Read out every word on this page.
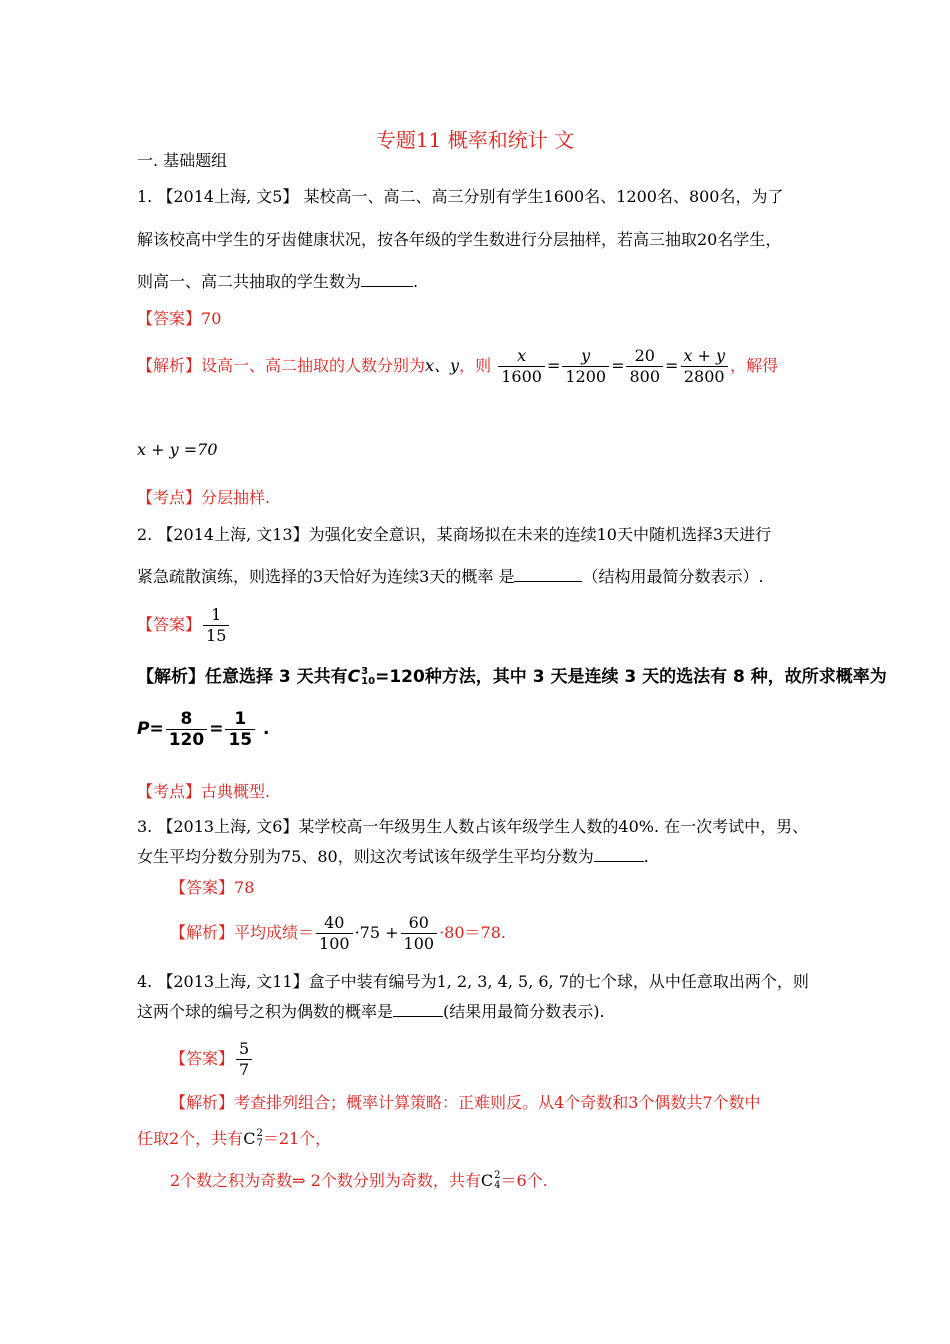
专题11 概率和统计 文
一. 基础题组
1. 【2014上海, 文5】 某校高一、高二、高三分别有学生1600名、1200名、800名，为了
解该校高中学生的牙齿健康状况，按各年级的学生数进行分层抽样，若高三抽取20名学生，
则高一、高二共抽取的学生数为	.
【答案】70
【解析】设高一、高二抽取的人数分别为x、y，则 $\frac{x}{1600} = \frac{y}{1200} = \frac{20}{800} = \frac{x + y}{2800}$ ，解得
x + y =70
【考点】分层抽样.
2. 【2014上海, 文13】为强化安全意识，某商场拟在未来的连续10天中随机选择3天进行
紧急疏散演练，则选择的3天恰好为连续3天的概率 是	（结构用最简分数表示）.
【答案】 $\frac{1}{15}$
【解析】任意选择 3 天共有 C 3
10 =120种方法，其中 3 天是连续 3 天的选法有 8 种，故所求概率为
$P= \frac{8}{120} = \frac{1}{15}$ .
【考点】古典概型.
3. 【2013上海, 文6】某学校高一年级男生人数占该年级学生人数的40%. 在一次考试中，男、
女生平均分数分别为75、80，则这次考试该年级学生平均分数为	.
【答案】78
【解析】平均成绩＝ $\frac{40}{100} \cdot 75 + \frac{60}{100} \cdot 80=78$.
4. 【2013上海, 文11】盒子中装有编号为1, 2, 3, 4, 5, 6, 7的七个球，从中任意取出两个，则
这两个球的编号之积为偶数的概率是	(结果用最简分数表示).
【答案】 $\frac{5}{7}$
【解析】考查排列组合；概率计算策略：正难则反。从4个奇数和3个偶数共7个数中
任取2个，共有 C 2
7 ＝21个，
2个数之积为奇数⇒ 2个数分别为奇数，共有 C 2
4 ＝6个.
